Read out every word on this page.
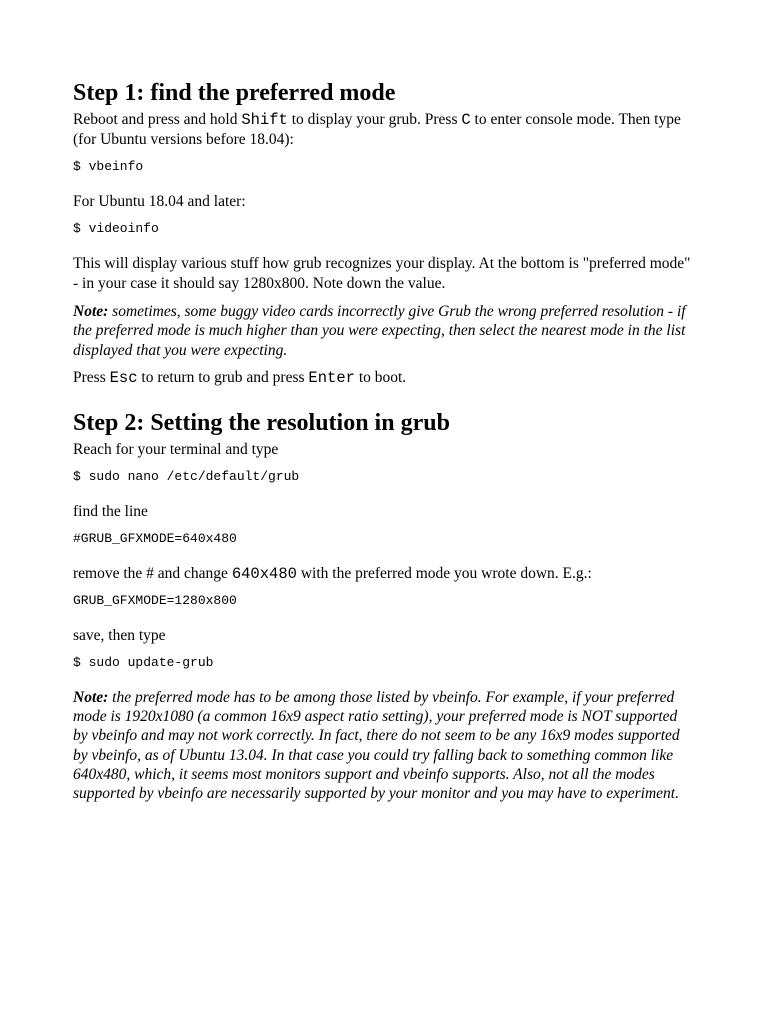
Step 1: find the preferred mode

Reboot and press and hold Shift to display your grub. Press C to enter console mode. Then type (for Ubuntu versions before 18.04):

$ vbeinfo

For Ubuntu 18.04 and later:

$ videoinfo

This will display various stuff how grub recognizes your display. At the bottom is "preferred mode" - in your case it should say 1280x800. Note down the value.

Note: sometimes, some buggy video cards incorrectly give Grub the wrong preferred resolution - if the preferred mode is much higher than you were expecting, then select the nearest mode in the list displayed that you were expecting.

Press Esc to return to grub and press Enter to boot.

Step 2: Setting the resolution in grub

Reach for your terminal and type

$ sudo nano /etc/default/grub

find the line

#GRUB_GFXMODE=640x480

remove the # and change 640x480 with the preferred mode you wrote down. E.g.:

GRUB_GFXMODE=1280x800

save, then type

$ sudo update-grub

Note: the preferred mode has to be among those listed by vbeinfo. For example, if your preferred mode is 1920x1080 (a common 16x9 aspect ratio setting), your preferred mode is NOT supported by vbeinfo and may not work correctly. In fact, there do not seem to be any 16x9 modes supported by vbeinfo, as of Ubuntu 13.04. In that case you could try falling back to something common like 640x480, which, it seems most monitors support and vbeinfo supports. Also, not all the modes supported by vbeinfo are necessarily supported by your monitor and you may have to experiment.
